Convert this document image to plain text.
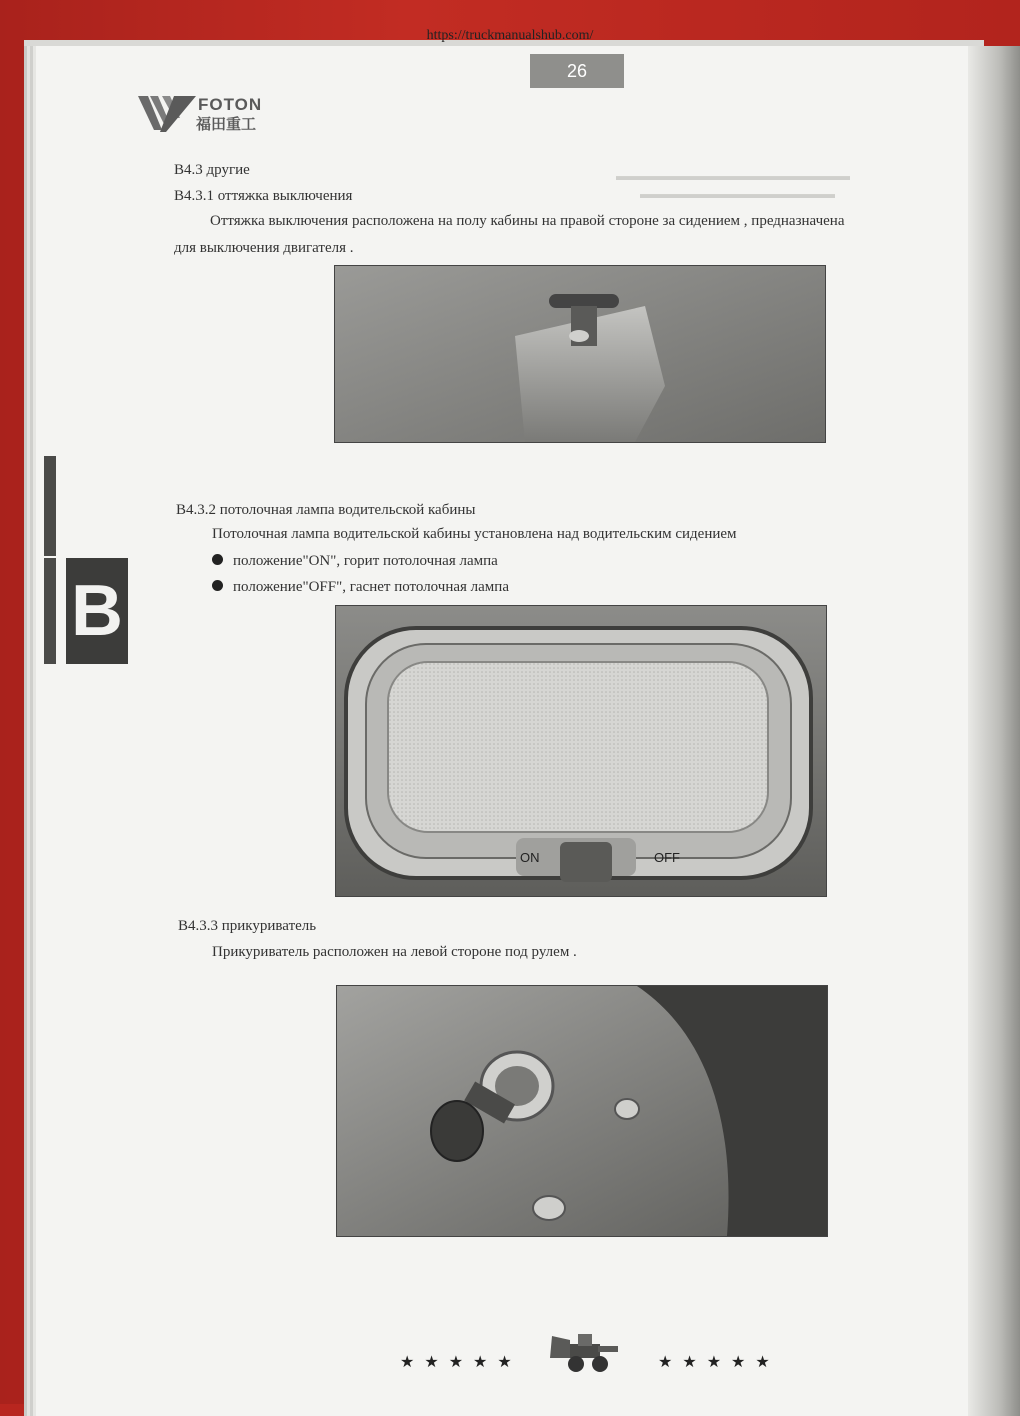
https://truckmanualshub.com/
26
FOTON
福田重工
▬▬▬▬▬▬▬▬▬▬▬▬▬▬▬▬▬▬
▬▬▬▬▬▬▬▬▬▬▬▬▬▬▬
B4.3 другие
B4.3.1 оттяжка выключения
Оттяжка выключения расположена на полу кабины на правой стороне за сидением , предназначена
для выключения двигателя .
B4.3.2 потолочная лампа водительской кабины
Потолочная лампа водительской кабины установлена над водительским сидением
положение"ON", горит потолочная лампа
положение"OFF", гаснет потолочная лампа
ON	OFF
B4.3.3 прикуриватель
Прикуриватель расположен на левой стороне под рулем .
B
★★★★★	★★★★★
